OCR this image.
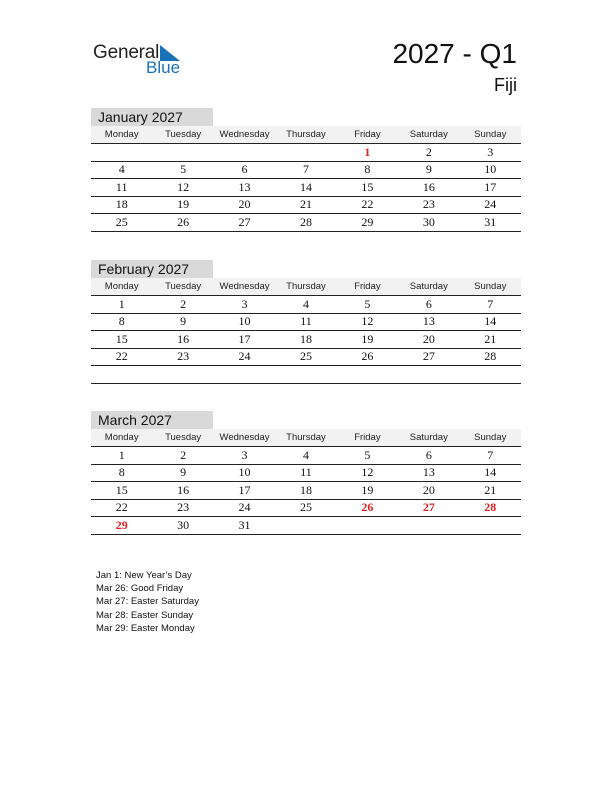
General
Blue	2027 - Q1
Fiji
January 2027
Monday	Tuesday	Wednesday	Thursday	Friday	Saturday	Sunday
				1	2	3
4	5	6	7	8	9	10
11	12	13	14	15	16	17
18	19	20	21	22	23	24
25	26	27	28	29	30	31
February 2027
Monday	Tuesday	Wednesday	Thursday	Friday	Saturday	Sunday
1	2	3	4	5	6	7
8	9	10	11	12	13	14
15	16	17	18	19	20	21
22	23	24	25	26	27	28

March 2027
Monday	Tuesday	Wednesday	Thursday	Friday	Saturday	Sunday
1	2	3	4	5	6	7
8	9	10	11	12	13	14
15	16	17	18	19	20	21
22	23	24	25	26	27	28
29	30	31				
Jan 1: New Year’s Day
Mar 26: Good Friday
Mar 27: Easter Saturday
Mar 28: Easter Sunday
Mar 29: Easter Monday
